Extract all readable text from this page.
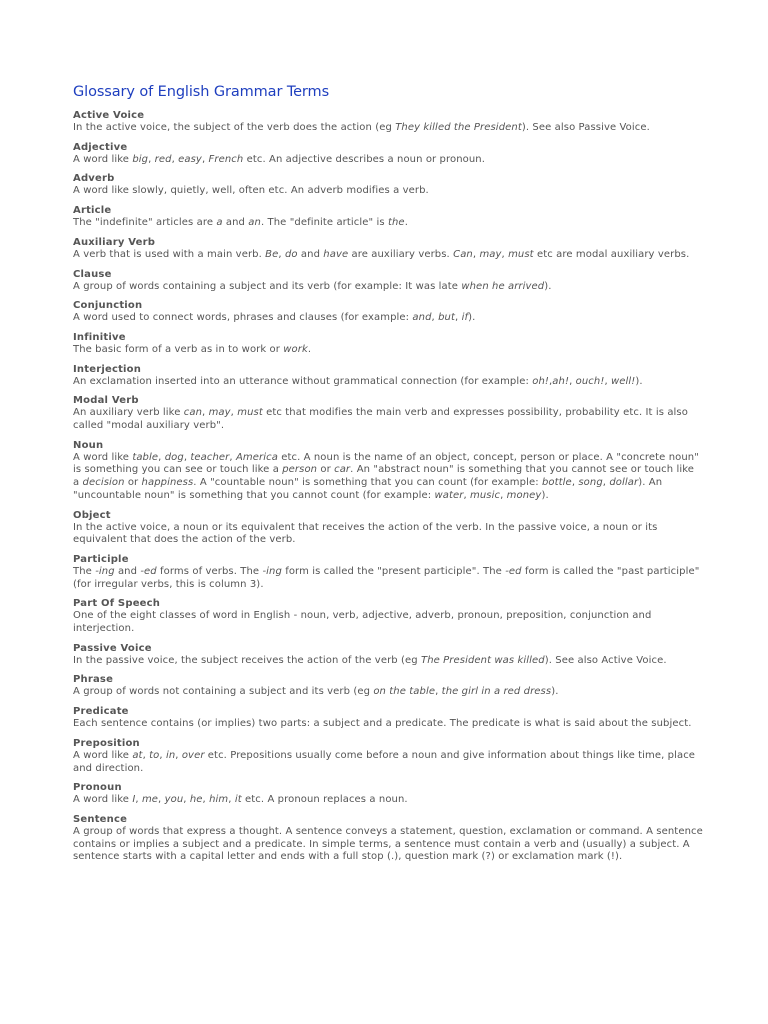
Glossary of English Grammar Terms
Active Voice
In the active voice, the subject of the verb does the action (eg They killed the President). See also Passive Voice.
Adjective
A word like big, red, easy, French etc. An adjective describes a noun or pronoun.
Adverb
A word like slowly, quietly, well, often etc. An adverb modifies a verb.
Article
The "indefinite" articles are a and an. The "definite article" is the.
Auxiliary Verb
A verb that is used with a main verb. Be, do and have are auxiliary verbs. Can, may, must etc are modal auxiliary verbs.
Clause
A group of words containing a subject and its verb (for example: It was late when he arrived).
Conjunction
A word used to connect words, phrases and clauses (for example: and, but, if).
Infinitive
The basic form of a verb as in to work or work.
Interjection
An exclamation inserted into an utterance without grammatical connection (for example: oh!,ah!, ouch!, well!).
Modal Verb
An auxiliary verb like can, may, must etc that modifies the main verb and expresses possibility, probability etc. It is also called "modal auxiliary verb".
Noun
A word like table, dog, teacher, America etc. A noun is the name of an object, concept, person or place. A "concrete noun" is something you can see or touch like a person or car. An "abstract noun" is something that you cannot see or touch like a decision or happiness. A "countable noun" is something that you can count (for example: bottle, song, dollar). An "uncountable noun" is something that you cannot count (for example: water, music, money).
Object
In the active voice, a noun or its equivalent that receives the action of the verb. In the passive voice, a noun or its equivalent that does the action of the verb.
Participle
The -ing and -ed forms of verbs. The -ing form is called the "present participle". The -ed form is called the "past participle" (for irregular verbs, this is column 3).
Part Of Speech
One of the eight classes of word in English - noun, verb, adjective, adverb, pronoun, preposition, conjunction and interjection.
Passive Voice
In the passive voice, the subject receives the action of the verb (eg The President was killed). See also Active Voice.
Phrase
A group of words not containing a subject and its verb (eg on the table, the girl in a red dress).
Predicate
Each sentence contains (or implies) two parts: a subject and a predicate. The predicate is what is said about the subject.
Preposition
A word like at, to, in, over etc. Prepositions usually come before a noun and give information about things like time, place and direction.
Pronoun
A word like I, me, you, he, him, it etc. A pronoun replaces a noun.
Sentence
A group of words that express a thought. A sentence conveys a statement, question, exclamation or command. A sentence contains or implies a subject and a predicate. In simple terms, a sentence must contain a verb and (usually) a subject. A sentence starts with a capital letter and ends with a full stop (.), question mark (?) or exclamation mark (!).
